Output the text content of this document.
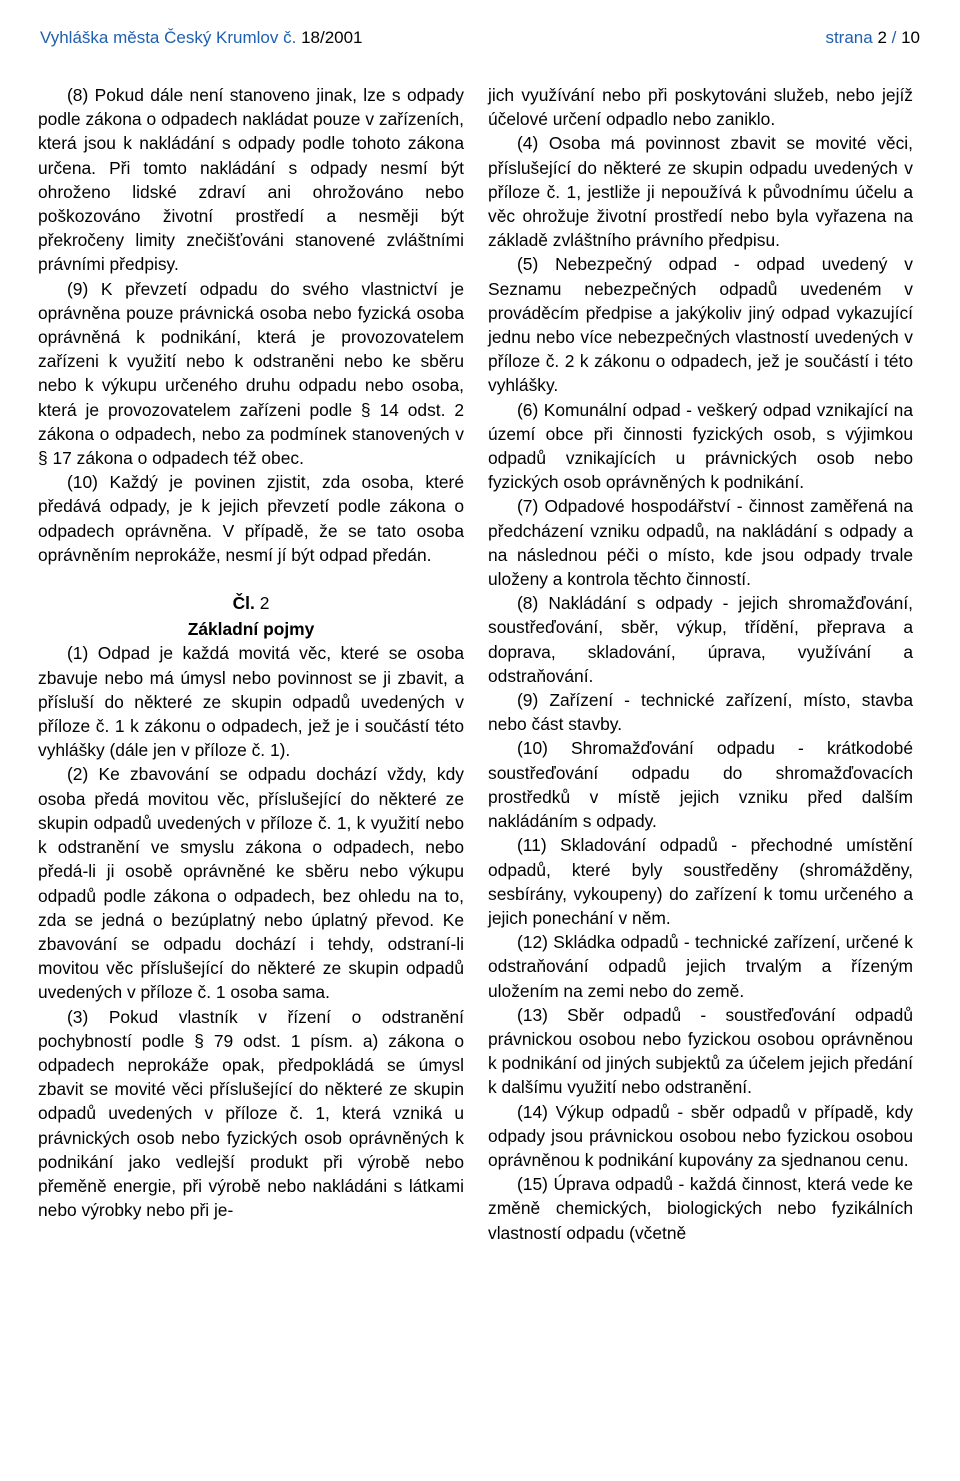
Vyhláška města Český Krumlov č. 18/2001	strana 2 / 10

(8) Pokud dále není stanoveno jinak, lze s odpady podle zákona o odpadech nakládat pouze v zařízeních, která jsou k nakládání s odpady podle tohoto zákona určena. Při tomto nakládání s odpady nesmí být ohroženo lidské zdraví ani ohrožováno nebo poškozováno životní prostředí a nesměji být překročeny limity znečišťováni stanovené zvláštními právními předpisy.

(9) K převzetí odpadu do svého vlastnictví je oprávněna pouze právnická osoba nebo fyzická osoba oprávněná k podnikání, která je provozovatelem zařízeni k využití nebo k odstraněni nebo ke sběru nebo k výkupu určeného druhu odpadu nebo osoba, která je provozovatelem zařízeni podle § 14 odst. 2 zákona o odpadech, nebo za podmínek stanovených v § 17 zákona o odpadech též obec.

(10) Každý je povinen zjistit, zda osoba, které předává odpady, je k jejich převzetí podle zákona o odpadech oprávněna. V případě, že se tato osoba oprávněním neprokáže, nesmí jí být odpad předán.

Čl. 2
Základní pojmy

(1) Odpad je každá movitá věc, které se osoba zbavuje nebo má úmysl nebo povinnost se ji zbavit, a přísluší do některé ze skupin odpadů uvedených v příloze č. 1 k zákonu o odpadech, jež je i součástí této vyhlášky (dále jen v příloze č. 1).

(2) Ke zbavování se odpadu dochází vždy, kdy osoba předá movitou věc, příslušející do některé ze skupin odpadů uvedených v příloze č. 1, k využití nebo k odstranění ve smyslu zákona o odpadech, nebo předá-li ji osobě oprávněné ke sběru nebo výkupu odpadů podle zákona o odpadech, bez ohledu na to, zda se jedná o bezúplatný nebo úplatný převod. Ke zbavování se odpadu dochází i tehdy, odstraní-li movitou věc příslušející do některé ze skupin odpadů uvedených v příloze č. 1 osoba sama.

(3) Pokud vlastník v řízení o odstranění pochybností podle § 79 odst. 1 písm. a) zákona o odpadech neprokáže opak, předpokládá se úmysl zbavit se movité věci příslušející do některé ze skupin odpadů uvedených v příloze č. 1, která vzniká u právnických osob nebo fyzických osob oprávněných k podnikání jako vedlejší produkt při výrobě nebo přeměně energie, při výrobě nebo nakládáni s látkami nebo výrobky nebo při je-

jich využívání nebo při poskytováni služeb, nebo jejíž účelové určení odpadlo nebo zaniklo.

(4) Osoba má povinnost zbavit se movité věci, příslušející do některé ze skupin odpadu uvedených v příloze č. 1, jestliže ji nepoužívá k původnímu účelu a věc ohrožuje životní prostředí nebo byla vyřazena na základě zvláštního právního předpisu.

(5) Nebezpečný odpad - odpad uvedený v Seznamu nebezpečných odpadů uvedeném v prováděcím předpise a jakýkoliv jiný odpad vykazující jednu nebo více nebezpečných vlastností uvedených v příloze č. 2 k zákonu o odpadech, jež je součástí i této vyhlášky.

(6) Komunální odpad - veškerý odpad vznikající na území obce při činnosti fyzických osob, s výjimkou odpadů vznikajících u právnických osob nebo fyzických osob oprávněných k podnikání.

(7) Odpadové hospodářství - činnost zaměřená na předcházení vzniku odpadů, na nakládání s odpady a na následnou péči o místo, kde jsou odpady trvale uloženy a kontrola těchto činností.

(8) Nakládání s odpady - jejich shromažďování, soustřeďování, sběr, výkup, třídění, přeprava a doprava, skladování, úprava, využívání a odstraňování.

(9) Zařízení - technické zařízení, místo, stavba nebo část stavby.

(10) Shromažďování odpadu - krátkodobé soustřeďování odpadu do shromažďovacích prostředků v místě jejich vzniku před dalším nakládáním s odpady.

(11) Skladování odpadů - přechodné umístění odpadů, které byly soustředěny (shromážděny, sesbírány, vykoupeny) do zařízení k tomu určeného a jejich ponechání v něm.

(12) Skládka odpadů - technické zařízení, určené k odstraňování odpadů jejich trvalým a řízeným uložením na zemi nebo do země.

(13) Sběr odpadů - soustřeďování odpadů právnickou osobou nebo fyzickou osobou oprávněnou k podnikání od jiných subjektů za účelem jejich předání k dalšímu využití nebo odstranění.

(14) Výkup odpadů - sběr odpadů v případě, kdy odpady jsou právnickou osobou nebo fyzickou osobou oprávněnou k podnikání kupovány za sjednanou cenu.

(15) Úprava odpadů - každá činnost, která vede ke změně chemických, biologických nebo fyzikálních vlastností odpadu (včetně
